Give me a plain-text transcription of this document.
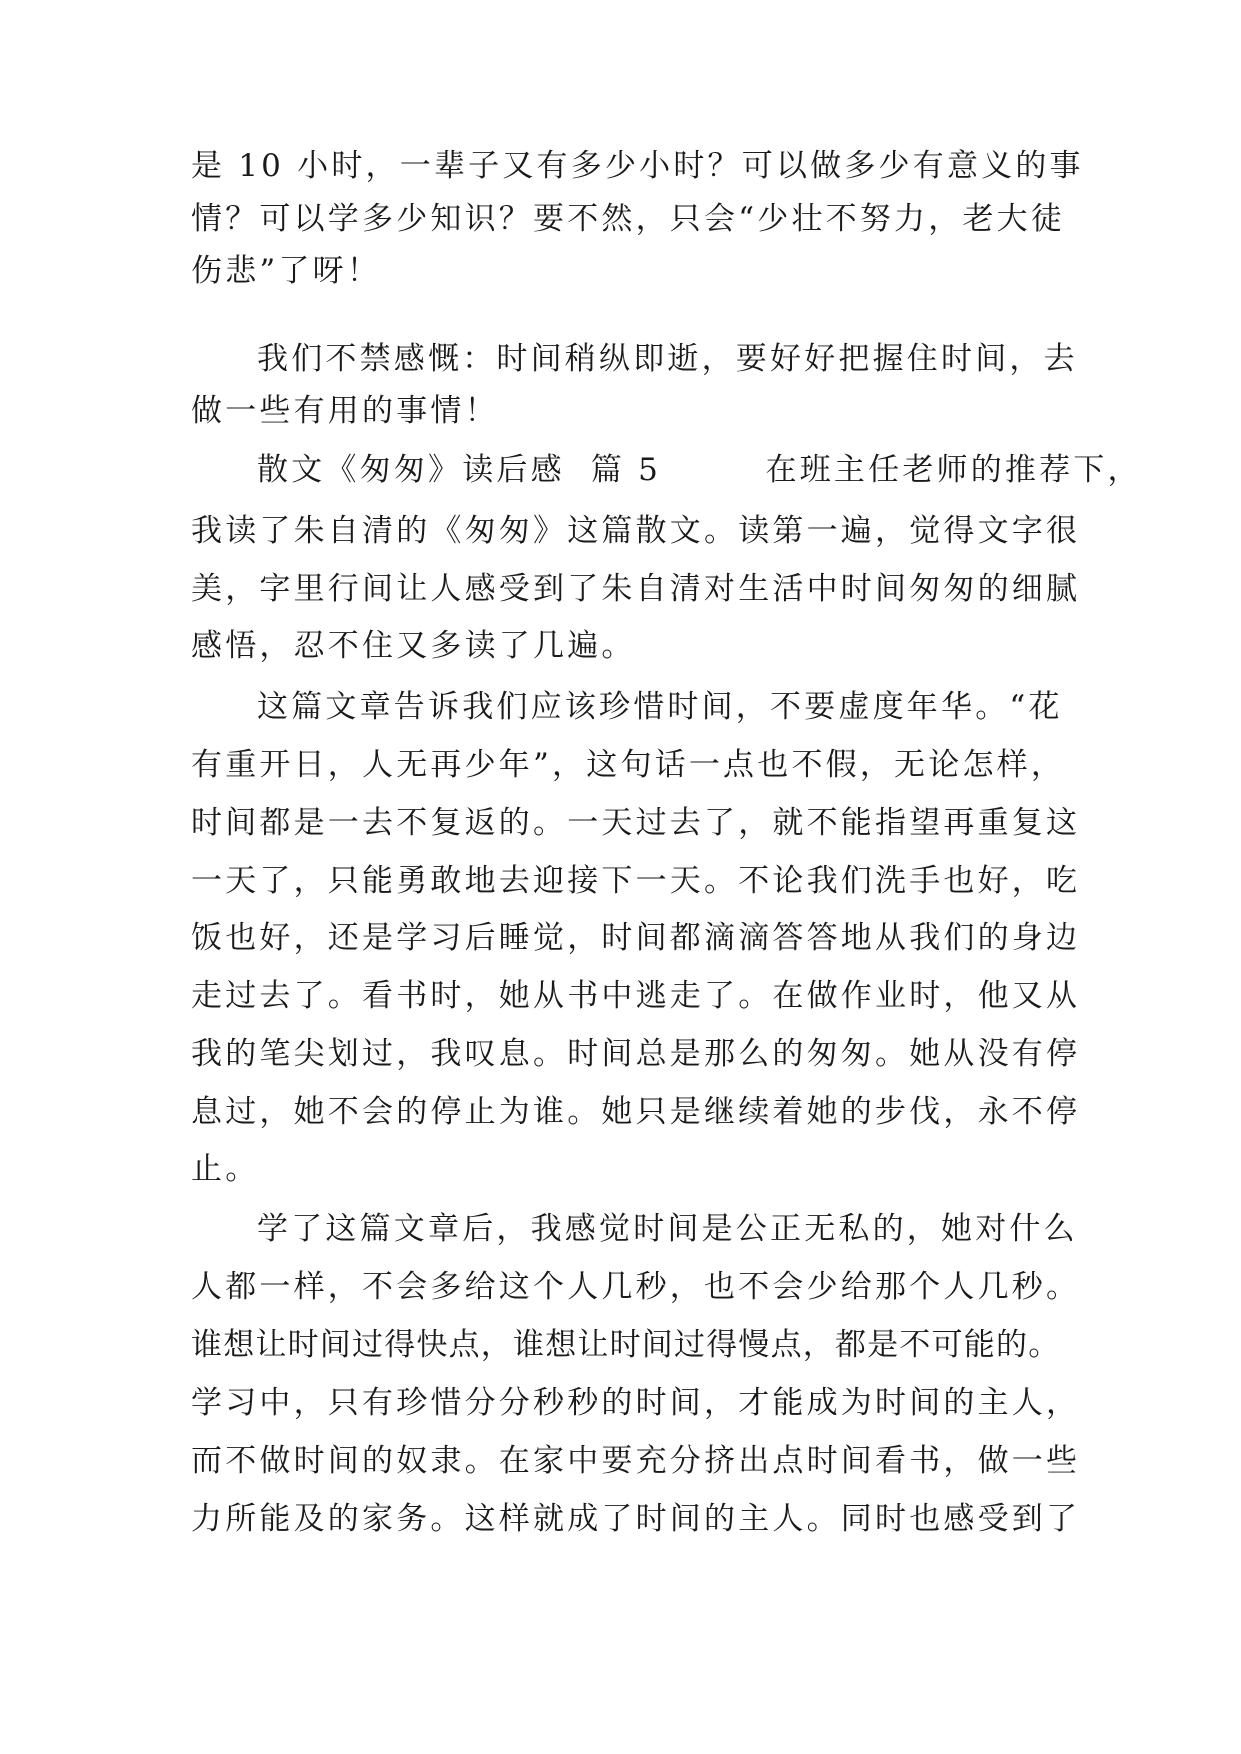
是 10 小时，一辈子又有多少小时？可以做多少有意义的事
情？可以学多少知识？要不然，只会“少壮不努力，老大徒
伤悲”了呀！
我们不禁感慨：时间稍纵即逝，要好好把握住时间，去
做一些有用的事情！
散文《匆匆》读后感  篇 5        在班主任老师的推荐下，
我读了朱自清的《匆匆》这篇散文。读第一遍，觉得文字很
美，字里行间让人感受到了朱自清对生活中时间匆匆的细腻
感悟，忍不住又多读了几遍。
这篇文章告诉我们应该珍惜时间，不要虚度年华。“花
有重开日，人无再少年”，这句话一点也不假，无论怎样，
时间都是一去不复返的。一天过去了，就不能指望再重复这
一天了，只能勇敢地去迎接下一天。不论我们洗手也好，吃
饭也好，还是学习后睡觉，时间都滴滴答答地从我们的身边
走过去了。看书时，她从书中逃走了。在做作业时，他又从
我的笔尖划过，我叹息。时间总是那么的匆匆。她从没有停
息过，她不会的停止为谁。她只是继续着她的步伐，永不停
止。
学了这篇文章后，我感觉时间是公正无私的，她对什么
人都一样，不会多给这个人几秒，也不会少给那个人几秒。
谁想让时间过得快点，谁想让时间过得慢点，都是不可能的。
学习中，只有珍惜分分秒秒的时间，才能成为时间的主人，
而不做时间的奴隶。在家中要充分挤出点时间看书，做一些
力所能及的家务。这样就成了时间的主人。同时也感受到了
